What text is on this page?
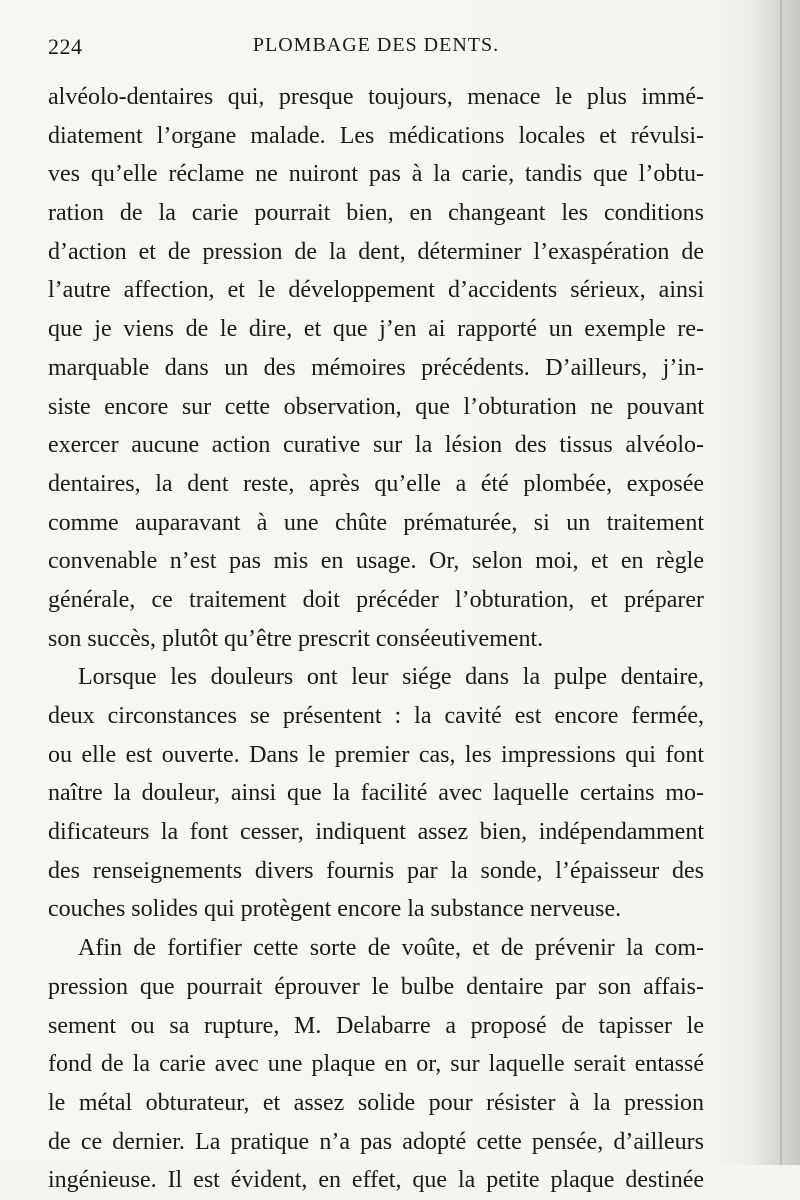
224	PLOMBAGE DES DENTS.
alvéolo-dentaires qui, presque toujours, menace le plus immé-
diatement l’organe malade. Les médications locales et révulsi-
ves qu’elle réclame ne nuiront pas à la carie, tandis que l’obtu-
ration de la carie pourrait bien, en changeant les conditions
d’action et de pression de la dent, déterminer l’exaspération de
l’autre affection, et le développement d’accidents sérieux, ainsi
que je viens de le dire, et que j’en ai rapporté un exemple re-
marquable dans un des mémoires précédents. D’ailleurs, j’in-
siste encore sur cette observation, que l’obturation ne pouvant
exercer aucune action curative sur la lésion des tissus alvéolo-
dentaires, la dent reste, après qu’elle a été plombée, exposée
comme auparavant à une chûte prématurée, si un traitement
convenable n’est pas mis en usage. Or, selon moi, et en règle
générale, ce traitement doit précéder l’obturation, et préparer
son succès, plutôt qu’être prescrit conséeutivement.
Lorsque les douleurs ont leur siége dans la pulpe dentaire,
deux circonstances se présentent : la cavité est encore fermée,
ou elle est ouverte. Dans le premier cas, les impressions qui font
naître la douleur, ainsi que la facilité avec laquelle certains mo-
dificateurs la font cesser, indiquent assez bien, indépendamment
des renseignements divers fournis par la sonde, l’épaisseur des
couches solides qui protègent encore la substance nerveuse.
Afin de fortifier cette sorte de voûte, et de prévenir la com-
pression que pourrait éprouver le bulbe dentaire par son affais-
sement ou sa rupture, M. Delabarre a proposé de tapisser le
fond de la carie avec une plaque en or, sur laquelle serait entassé
le métal obturateur, et assez solide pour résister à la pression
de ce dernier. La pratique n’a pas adopté cette pensée, d’ailleurs
ingénieuse. Il est évident, en effet, que la petite plaque destinée
